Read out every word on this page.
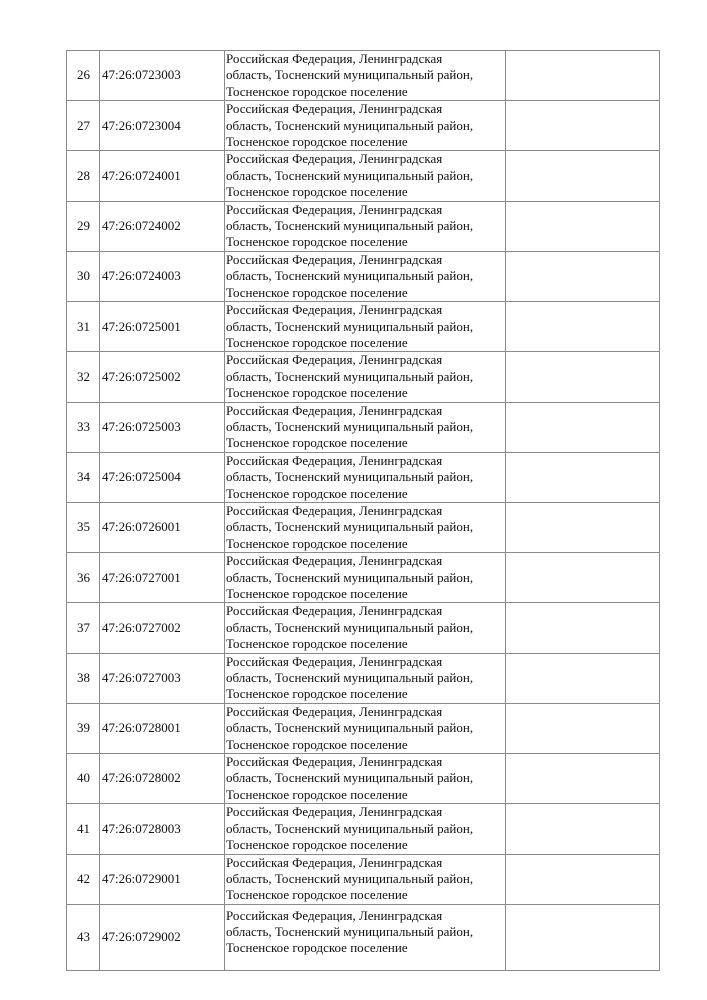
26	47:26:0723003	Российская Федерация, Ленинградская
область, Тосненский муниципальный район,
Тосненское городское поселение	

27	47:26:0723004	Российская Федерация, Ленинградская
область, Тосненский муниципальный район,
Тосненское городское поселение	

28	47:26:0724001	Российская Федерация, Ленинградская
область, Тосненский муниципальный район,
Тосненское городское поселение	

29	47:26:0724002	Российская Федерация, Ленинградская
область, Тосненский муниципальный район,
Тосненское городское поселение	

30	47:26:0724003	Российская Федерация, Ленинградская
область, Тосненский муниципальный район,
Тосненское городское поселение	

31	47:26:0725001	Российская Федерация, Ленинградская
область, Тосненский муниципальный район,
Тосненское городское поселение	

32	47:26:0725002	Российская Федерация, Ленинградская
область, Тосненский муниципальный район,
Тосненское городское поселение	

33	47:26:0725003	Российская Федерация, Ленинградская
область, Тосненский муниципальный район,
Тосненское городское поселение	

34	47:26:0725004	Российская Федерация, Ленинградская
область, Тосненский муниципальный район,
Тосненское городское поселение	

35	47:26:0726001	Российская Федерация, Ленинградская
область, Тосненский муниципальный район,
Тосненское городское поселение	

36	47:26:0727001	Российская Федерация, Ленинградская
область, Тосненский муниципальный район,
Тосненское городское поселение	

37	47:26:0727002	Российская Федерация, Ленинградская
область, Тосненский муниципальный район,
Тосненское городское поселение	

38	47:26:0727003	Российская Федерация, Ленинградская
область, Тосненский муниципальный район,
Тосненское городское поселение	

39	47:26:0728001	Российская Федерация, Ленинградская
область, Тосненский муниципальный район,
Тосненское городское поселение	

40	47:26:0728002	Российская Федерация, Ленинградская
область, Тосненский муниципальный район,
Тосненское городское поселение	

41	47:26:0728003	Российская Федерация, Ленинградская
область, Тосненский муниципальный район,
Тосненское городское поселение	

42	47:26:0729001	Российская Федерация, Ленинградская
область, Тосненский муниципальный район,
Тосненское городское поселение	

43	47:26:0729002	Российская Федерация, Ленинградская
область, Тосненский муниципальный район,
Тосненское городское поселение	
